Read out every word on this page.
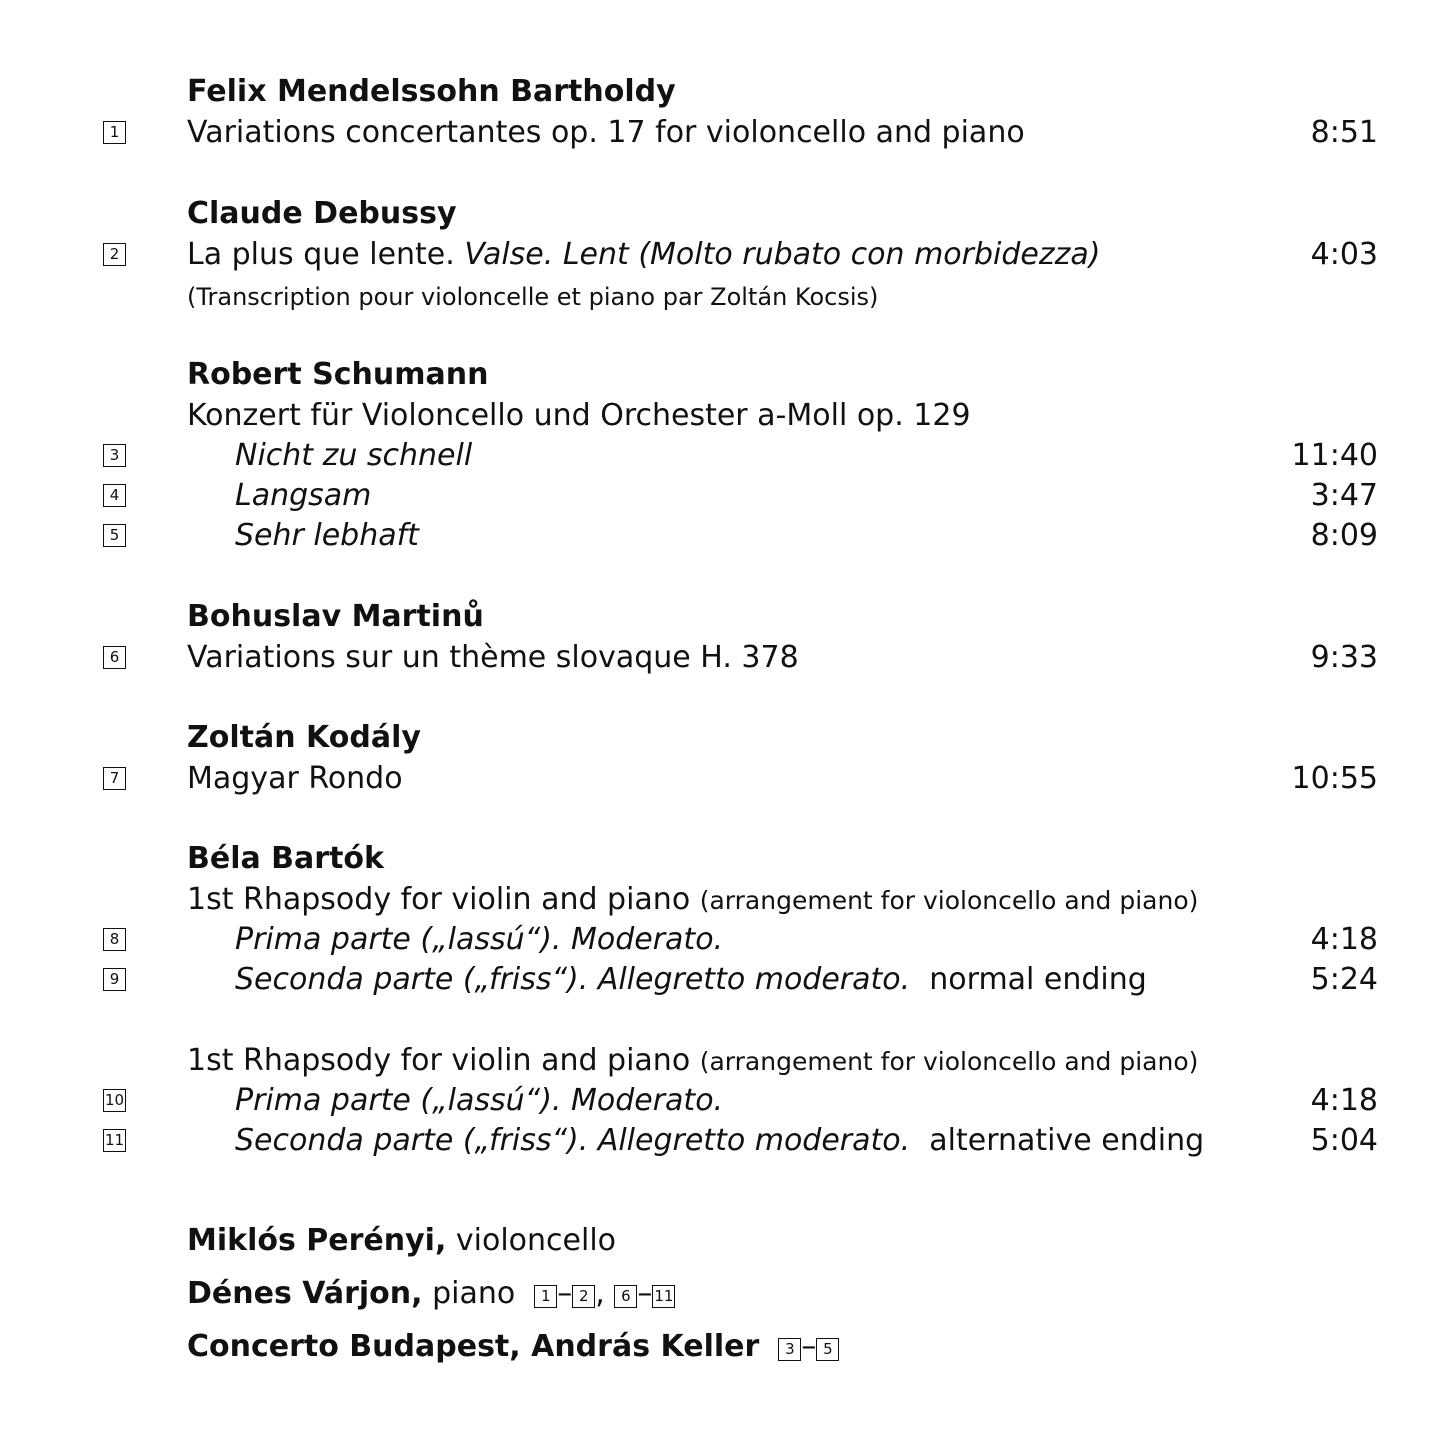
Felix Mendelssohn Bartholdy
1 Variations concertantes op. 17 for violoncello and piano	8:51
Claude Debussy
2 La plus que lente. Valse. Lent (Molto rubato con morbidezza)	4:03
(Transcription pour violoncelle et piano par Zoltán Kocsis)
Robert Schumann
Konzert für Violoncello und Orchester a-Moll op. 129
3	Nicht zu schnell	11:40
4	Langsam	3:47
5	Sehr lebhaft	8:09
Bohuslav Martinů
6 Variations sur un thème slovaque H. 378	9:33
Zoltán Kodály
7 Magyar Rondo	10:55
Béla Bartók
1st Rhapsody for violin and piano (arrangement for violoncello and piano)
8	Prima parte („lassú“). Moderato.	4:18
9	Seconda parte („friss“). Allegretto moderato. normal ending	5:24
1st Rhapsody for violin and piano (arrangement for violoncello and piano)
10	Prima parte („lassú“). Moderato.	4:18
11	Seconda parte („friss“). Allegretto moderato. alternative ending	5:04
Miklós Perényi, violoncello
Dénes Várjon, piano 1 – 2 , 6 – 11
Concerto Budapest, András Keller 3 – 5
